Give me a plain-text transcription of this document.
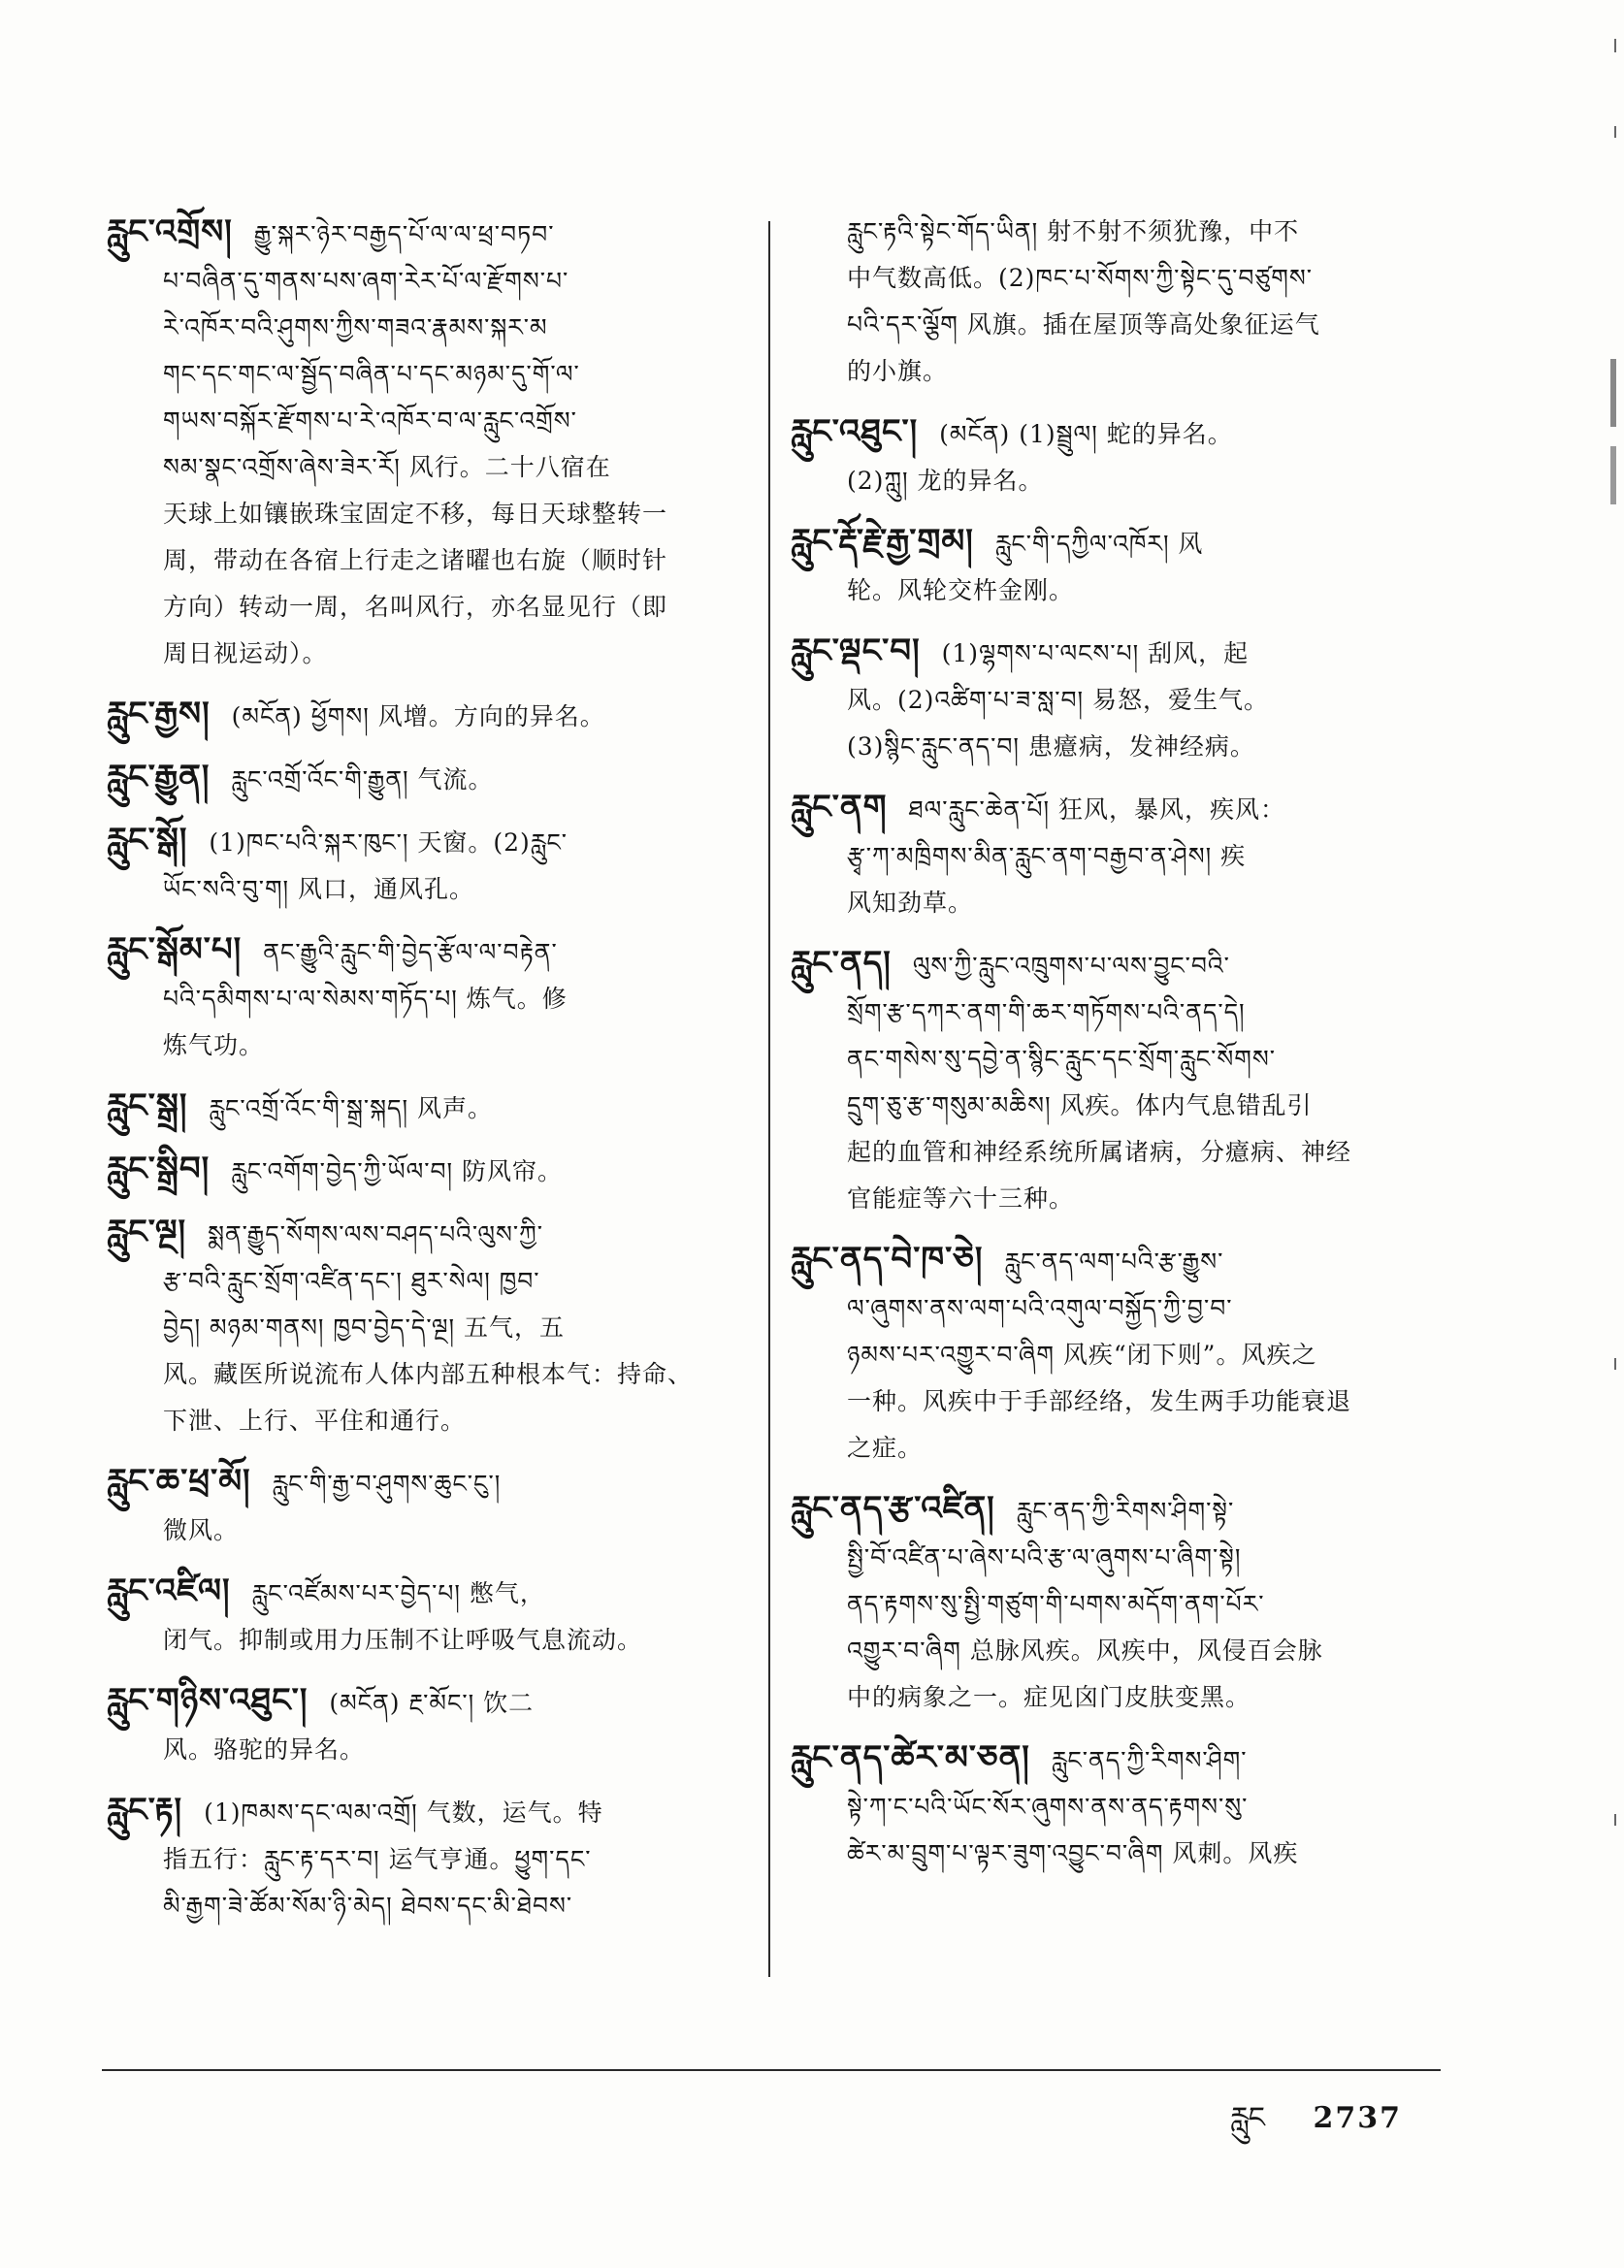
རླུང་འགྲོས། རྒྱུ་སྐར་ཉེར་བརྒྱད་པོ་ལ་ལ་ཕྲ་བཏབ་

པ་བཞིན་དུ་གནས་པས་ཞག་རེར་པོ་ལ་རྫོགས་པ་

རེ་འཁོར་བའི་ཤུགས་ཀྱིས་གཟའ་རྣམས་སྐར་མ

གང་དང་གང་ལ་སྦྱོད་བཞིན་པ་དང་མཉམ་དུ་གོ་ལ་

གཡས་བསྐོར་རྫོགས་པ་རེ་འཁོར་བ་ལ་རླུང་འགྲོས་

སམ་སྣང་འགྲོས་ཞེས་ཟེར་རོ། 风行。二十八宿在

天球上如镶嵌珠宝固定不移，每日天球整转一

周，带动在各宿上行走之诸曜也右旋（顺时针

方向）转动一周，名叫风行，亦名显见行（即

周日视运动）。

རླུང་རྒྱས། (མངོན) ཕྱོགས། 风增。方向的异名。

རླུང་རྒྱུན། རླུང་འགྲོ་འོང་གི་རྒྱུན། 气流。

རླུང་སྒོ། (1)ཁང་པའི་སྐར་ཁུང་། 天窗。(2)རླུང་

ཡོང་སའི་བུ་ག། 风口，通风孔。

རླུང་སྒོམ་པ། ནང་རྒྱུའི་རླུང་གི་བྱེད་རྩོལ་ལ་བརྟེན་

པའི་དམིགས་པ་ལ་སེམས་གཏོད་པ། 炼气。修

炼气功。

རླུང་སྒྲ། རླུང་འགྲོ་འོང་གི་སྒྲ་སྐད། 风声。

རླུང་སྒྲིབ། རླུང་འགོག་བྱེད་ཀྱི་ཡོལ་བ། 防风帘。

རླུང་ལྔ། སྨན་རྒྱུད་སོགས་ལས་བཤད་པའི་ལུས་ཀྱི་

རྩ་བའི་རླུང་སྲོག་འཛིན་དང་། ཐུར་སེལ། ཁྱབ་

བྱེད། མཉམ་གནས། ཁྱབ་བྱེད་དེ་ལྔ། 五气，五

风。藏医所说流布人体内部五种根本气：持命、

下泄、上行、平住和通行。

རླུང་ཆ་ཕྲ་མོ། རླུང་གི་རྒྱ་བ་ཤུགས་ཆུང་ངུ་།

微风。

རླུང་འཛིལ། རླུང་འཛོམས་པར་བྱེད་པ། 憋气，

闭气。抑制或用力压制不让呼吸气息流动。

རླུང་གཉིས་འཐུང་། (མངོན) རྔ་མོང་། 饮二

风。骆驼的异名。

རླུང་རྟ། (1)ཁམས་དང་ལམ་འགྲོ། 气数，运气。特

指五行：རླུང་རྟ་དར་བ། 运气亨通。ཕྱུག་དང་

མི་རྒྱག་ཟེ་ཚོམ་སོམ་ཉི་མེད། ཐེབས་དང་མི་ཐེབས་

རླུང་རྟའི་སྟེང་གོད་ཡིན། 射不射不须犹豫，中不

中气数高低。(2)ཁང་པ་སོགས་ཀྱི་སྟེང་དུ་བཙུགས་

པའི་དར་ལྕོག 风旗。插在屋顶等高处象征运气

的小旗。

རླུང་འཐུང་། (མངོན) (1)སྦྲུལ། 蛇的异名。

(2)ཀླུ། 龙的异名。

རླུང་རྡོ་རྗེ་རྒྱ་གྲམ། རླུང་གི་དཀྱིལ་འཁོར། 风

轮。风轮交杵金刚。

རླུང་ལྡང་བ། (1)ལྷགས་པ་ལངས་པ། 刮风，起

风。(2)འཚིག་པ་ཟ་སླ་བ། 易怒，爱生气。

(3)སྙིང་རླུང་ནད་བ། 患癔病，发神经病。

རླུང་ནག ཐལ་རླུང་ཆེན་པོ། 狂风，暴风，疾风：

རྩྭ་ཀ་མཁྲིགས་མིན་རླུང་ནག་བརྒྱབ་ན་ཤེས། 疾

风知劲草。

རླུང་ནད། ལུས་ཀྱི་རླུང་འཁྲུགས་པ་ལས་བྱུང་བའི་

སྲོག་རྩ་དཀར་ནག་གི་ཆར་གཏོགས་པའི་ནད་དེ།

ནང་གསེས་སུ་དབྱེ་ན་སྙིང་རླུང་དང་སྲོག་རླུང་སོགས་

དྲུག་ཅུ་རྩ་གསུམ་མཆིས། 风疾。体内气息错乱引

起的血管和神经系统所属诸病，分癔病、神经

官能症等六十三种。

རླུང་ནད་བེ་ཁ་ཅེ། རླུང་ནད་ལག་པའི་རྩ་རྒྱུས་

ལ་ཞུགས་ནས་ལག་པའི་འགུལ་བསྐྱོད་ཀྱི་བྱ་བ་

ཉམས་པར་འགྱུར་བ་ཞིག 风疾“闭下则”。风疾之

一种。风疾中于手部经络，发生两手功能衰退

之症。

རླུང་ནད་རྩ་འཛིན། རླུང་ནད་ཀྱི་རིགས་ཤིག་སྟེ་

སྤྱི་བོ་འཛིན་པ་ཞེས་པའི་རྩ་ལ་ཞུགས་པ་ཞིག་སྟེ།

ནད་རྟགས་སུ་སྤྱི་གཙུག་གི་པགས་མདོག་ནག་པོར་

འགྱུར་བ་ཞིག 总脉风疾。风疾中，风侵百会脉

中的病象之一。症见囟门皮肤变黑。

རླུང་ནད་ཚེར་མ་ཅན། རླུང་ནད་ཀྱི་རིགས་ཤིག་

སྟེ་ཀ་ང་པའི་ཡོང་སོར་ཞུགས་ནས་ནད་རྟགས་སུ་

ཚེར་མ་བྲུག་པ་ལྟར་ཟུག་འབྱུང་བ་ཞིག 风刺。风疾

རླུང 2737
